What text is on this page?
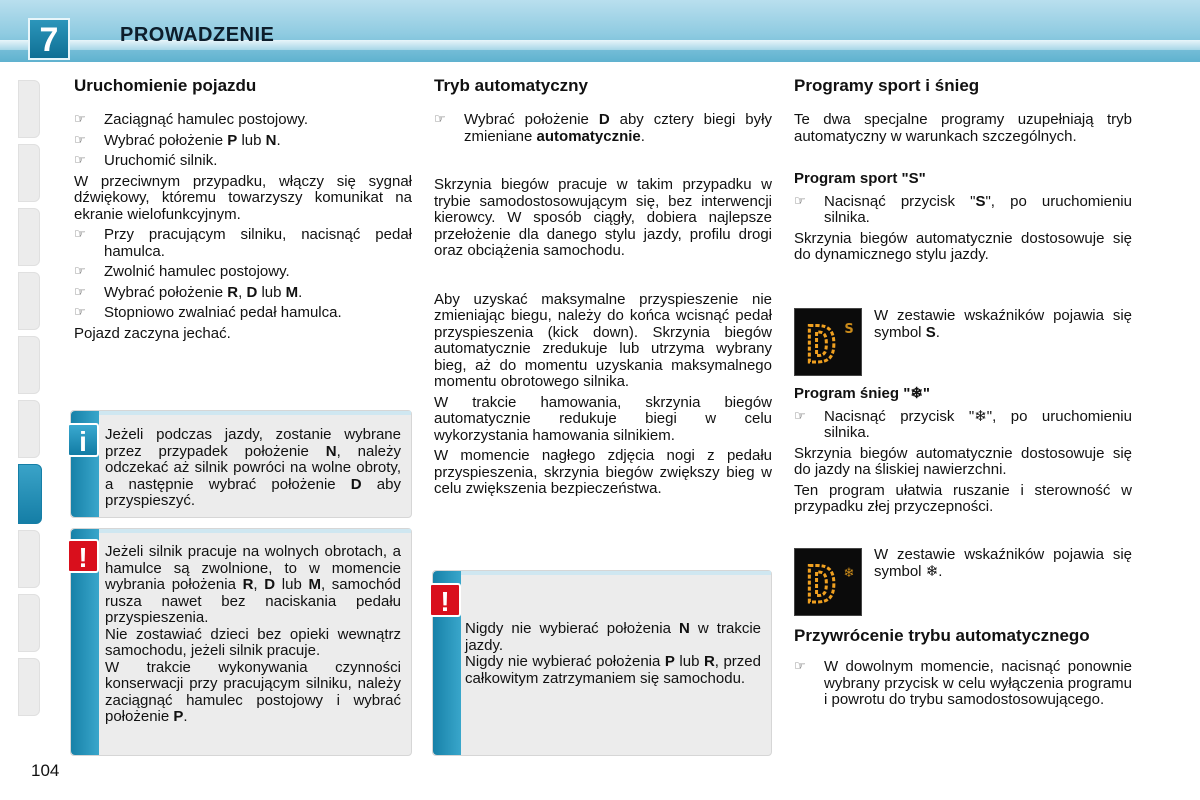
7	PROWADZENIE
104
Uruchomienie pojazdu
☞ Zaciągnąć hamulec postojowy.
☞ Wybrać położenie P lub N.
☞ Uruchomić silnik.

W przeciwnym przypadku, włączy się sygnał dźwiękowy, któremu towarzyszy komunikat na ekranie wielofunkcyjnym.

☞ Przy pracującym silniku, nacisnąć pedał hamulca.
☞ Zwolnić hamulec postojowy.
☞ Wybrać położenie R, D lub M.
☞ Stopniowo zwalniać pedał hamulca.

Pojazd zaczyna jechać.

i	Jeżeli podczas jazdy, zostanie wybrane przez przypadek położenie N, należy odczekać aż silnik powróci na wolne obroty, a następnie wybrać położenie D aby przyspieszyć.
!	Jeżeli silnik pracuje na wolnych obrotach, a hamulce są zwolnione, to w momencie wybrania położenia R, D lub M, samochód rusza nawet bez naciskania pedału przyspieszenia.

Nie zostawiać dzieci bez opieki wewnątrz samochodu, jeżeli silnik pracuje.

W trakcie wykonywania czynności konserwacji przy pracującym silniku, należy zaciągnąć hamulec postojowy i wybrać położenie P.

Tryb automatyczny
☞ Wybrać położenie D aby cztery biegi były zmieniane automatycznie.

Skrzynia biegów pracuje w takim przypadku w trybie samodostosowującym się, bez interwencji kierowcy. W sposób ciągły, dobiera najlepsze przełożenie dla danego stylu jazdy, profilu drogi oraz obciążenia samochodu.

Aby uzyskać maksymalne przyspieszenie nie zmieniając biegu, należy do końca wcisnąć pedał przyspieszenia (kick down). Skrzynia biegów automatycznie zredukuje lub utrzyma wybrany bieg, aż do momentu uzyskania maksymalnego momentu obrotowego silnika.

W trakcie hamowania, skrzynia biegów automatycznie redukuje biegi w celu wykorzystania hamowania silnikiem.

W momencie nagłego zdjęcia nogi z pedału przyspieszenia, skrzynia biegów zwiększy bieg w celu zwiększenia bezpieczeństwa.

!

Nigdy nie wybierać położenia N w trakcie jazdy.

Nigdy nie wybierać położenia P lub R, przed całkowitym zatrzymaniem się samochodu.

Programy sport i śnieg

Te dwa specjalne programy uzupełniają tryb automatyczny w warunkach szczególnych.

Program sport "S"
☞ Nacisnąć przycisk "S", po uruchomieniu silnika.

Skrzynia biegów automatycznie dostosowuje się do dynamicznego stylu jazdy.

D S
W zestawie wskaźników pojawia się symbol S.
Program śnieg "❄"
☞ Nacisnąć przycisk "❄", po uruchomieniu silnika.

Skrzynia biegów automatycznie dostosowuje się do jazdy na śliskiej nawierzchni.

Ten program ułatwia ruszanie i sterowność w przypadku złej przyczepności.

D ❄
W zestawie wskaźników pojawia się symbol ❄.
Przywrócenie trybu automatycznego
☞ W dowolnym momencie, nacisnąć ponownie wybrany przycisk w celu wyłączenia programu i powrotu do trybu samodostosowującego.
